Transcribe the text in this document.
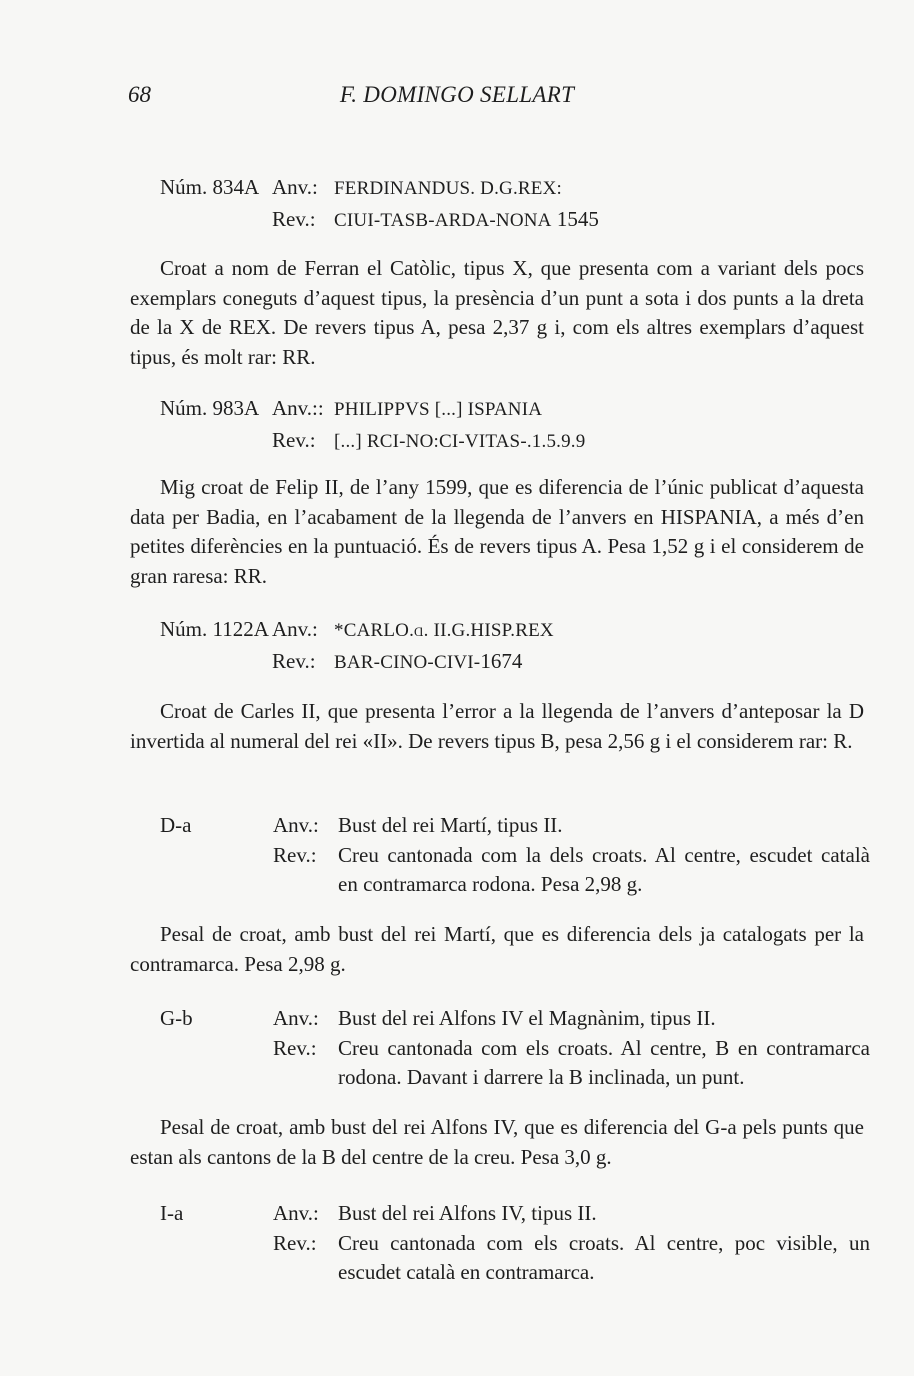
68	F. DOMINGO SELLART
Núm. 834A Anv.: FERDINANDUS. D.G.REX:
Rev.: CIUI-TASB-ARDA-NONA 1545
Croat a nom de Ferran el Catòlic, tipus X, que presenta com a variant dels pocs exemplars coneguts d’aquest tipus, la presència d’un punt a sota i dos punts a la dreta de la X de REX. De revers tipus A, pesa 2,37 g i, com els altres exemplars d’aquest tipus, és molt rar: RR.
Núm. 983A Anv.:: PHILIPPVS [...] ISPANIA
Rev.: [...] RCI-NO:CI-VITAS-.1.5.9.9
Mig croat de Felip II, de l’any 1599, que es diferencia de l’únic publicat d’aquesta data per Badia, en l’acabament de la llegenda de l’anvers en HISPANIA, a més d’en petites diferències en la puntuació. És de revers tipus A. Pesa 1,52 g i el considerem de gran raresa: RR.
Núm. 1122A Anv.: *CARLO.ɑ. II.G.HISP.REX
Rev.: BAR-CINO-CIVI-1674
Croat de Carles II, que presenta l’error a la llegenda de l’anvers d’anteposar la D invertida al numeral del rei «II». De revers tipus B, pesa 2,56 g i el considerem rar: R.
D-a	Anv.: Bust del rei Martí, tipus II.
Rev.:	Creu cantonada com la dels croats. Al centre, escudet català
en contramarca rodona. Pesa 2,98 g.
Pesal de croat, amb bust del rei Martí, que es diferencia dels ja catalogats per la contramarca. Pesa 2,98 g.
G-b	Anv.: Bust del rei Alfons IV el Magnànim, tipus II.
Rev.:	Creu cantonada com els croats. Al centre, B en contramarca
rodona. Davant i darrere la B inclinada, un punt.
Pesal de croat, amb bust del rei Alfons IV, que es diferencia del G-a pels punts que estan als cantons de la B del centre de la creu. Pesa 3,0 g.
I-a	Anv.: Bust del rei Alfons IV, tipus II.
Rev.:	Creu cantonada com els croats. Al centre, poc visible, un
escudet català en contramarca.
